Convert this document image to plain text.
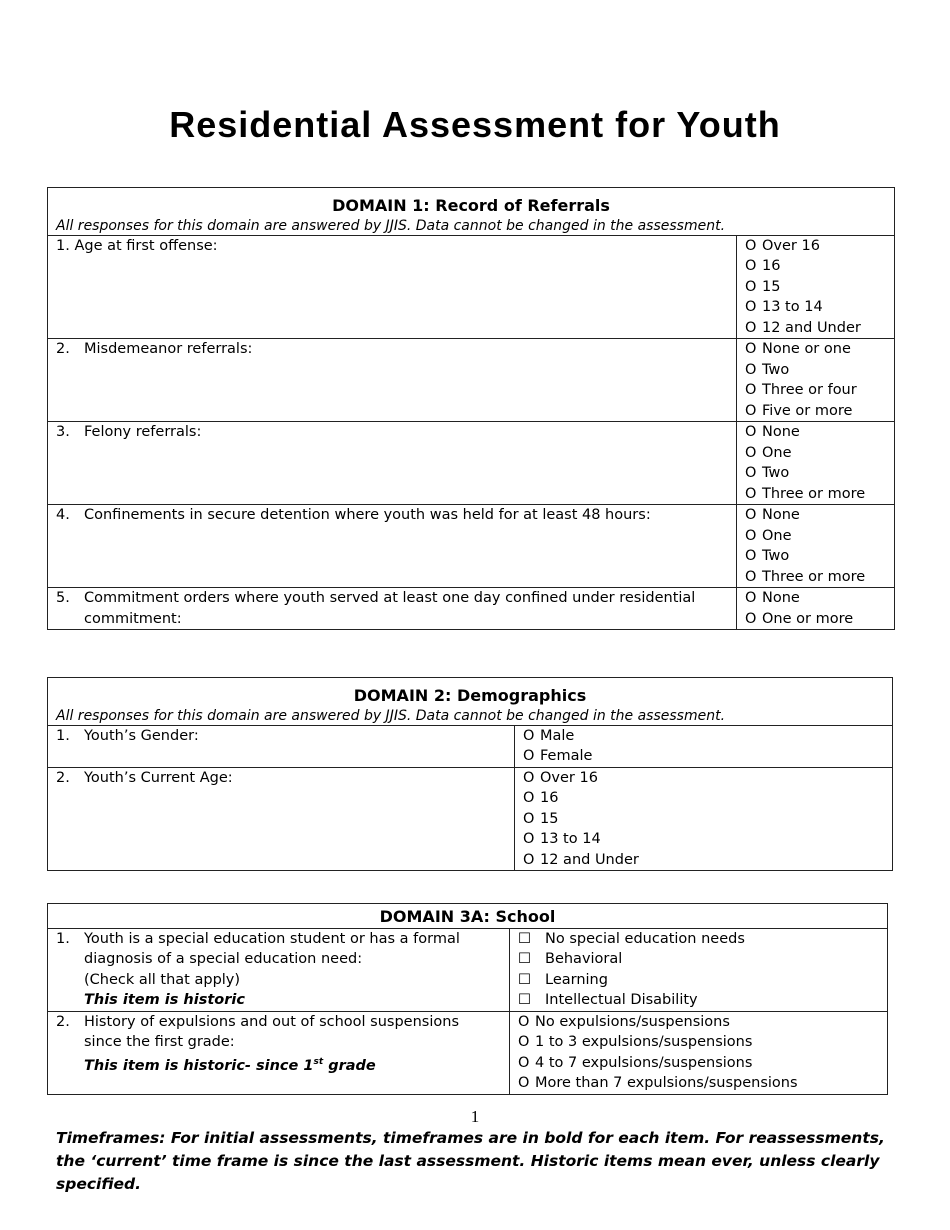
Residential Assessment for Youth
DOMAIN 1: Record of Referrals
All responses for this domain are answered by JJIS. Data cannot be changed in the assessment.	

1. Age at first offense:	O Over 16
O 16
O 15
O 13 to 14
O 12 and Under

2. Misdemeanor referrals:	O None or one
O Two
O Three or four
O Five or more

3. Felony referrals:	O None
O One
O Two
O Three or more

4. Confinements in secure detention where youth was held for at least 48 hours:	O None
O One
O Two
O Three or more

5. Commitment orders where youth served at least one day confined under residential commitment:	O None
O One or more
DOMAIN 2: Demographics
All responses for this domain are answered by JJIS. Data cannot be changed in the assessment.	

1. Youth’s Gender:	O Male
O Female

2. Youth’s Current Age:	O Over 16
O 16
O 15
O 13 to 14
O 12 and Under
DOMAIN 3A: School	

1. Youth is a special education student or has a formal diagnosis of a special education need:
(Check all that apply)
This item is historic	☐ No special education needs
☐ Behavioral
☐ Learning
☐ Intellectual Disability

2. History of expulsions and out of school suspensions since the first grade:
This item is historic- since 1st grade	O No expulsions/suspensions
O 1 to 3 expulsions/suspensions
O 4 to 7 expulsions/suspensions
O More than 7 expulsions/suspensions
1
Timeframes: For initial assessments, timeframes are in bold for each item. For reassessments, the ‘current’ time frame is since the last assessment. Historic items mean ever, unless clearly specified.
